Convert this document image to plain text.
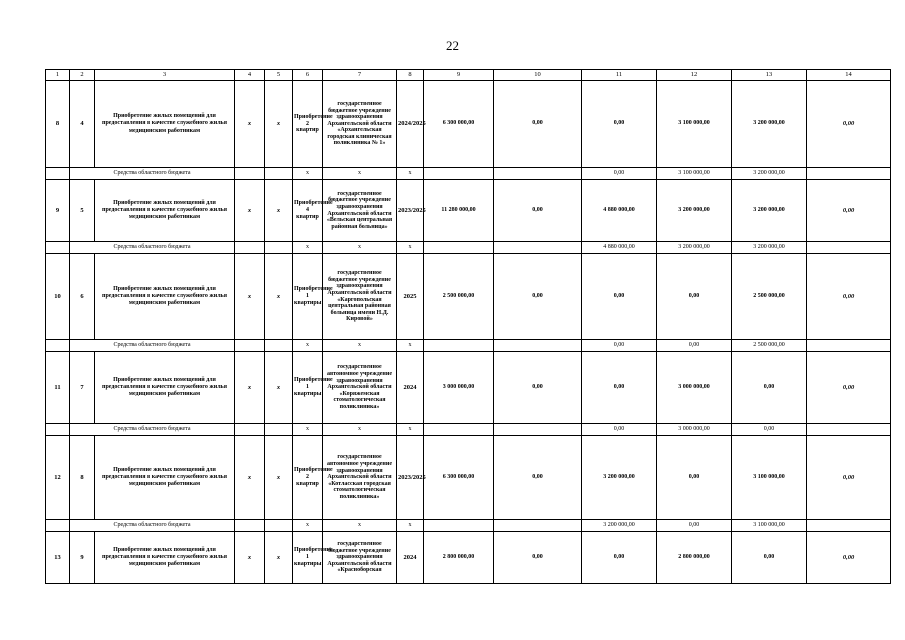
22
1	2	3	4	5	6	7	8	9	10	11	12	13	14
8	4	Приобретение жилых помещений для предоставления в качестве служебного жилья медицинским работникам	х	х	Приобретение 2 квартир	государственное бюджетное учреждение здравоохранения Архангельской области «Архангельская городская клиническая поликлиника № 1»	2024/2025	6 300 000,00	0,00	0,00	3 100 000,00	3 200 000,00	0,00
	Средства областного бюджета				х	х	х			0,00	3 100 000,00	3 200 000,00	
9	5	Приобретение жилых помещений для предоставления в качестве служебного жилья медицинским работникам	х	х	Приобретение 4 квартир	государственное бюджетное учреждение здравоохранения Архангельской области «Вельская центральная районная больница»	2023/2025	11 280 000,00	0,00	4 880 000,00	3 200 000,00	3 200 000,00	0,00
	Средства областного бюджета				х	х	х			4 880 000,00	3 200 000,00	3 200 000,00	
10	6	Приобретение жилых помещений для предоставления в качестве служебного жилья медицинским работникам	х	х	Приобретение 1 квартиры	государственное бюджетное учреждение здравоохранения Архангельской области «Каргопольская центральная районная больница имени Н.Д. Кировой»	2025	2 500 000,00	0,00	0,00	0,00	2 500 000,00	0,00
	Средства областного бюджета				х	х	х			0,00	0,00	2 500 000,00	
11	7	Приобретение жилых помещений для предоставления в качестве служебного жилья медицинским работникам	х	х	Приобретение 1 квартиры	государственное автономное учреждение здравоохранения Архангельской области «Коряжемская стоматологическая поликлиника»	2024	3 000 000,00	0,00	0,00	3 000 000,00	0,00	0,00
	Средства областного бюджета				х	х	х			0,00	3 000 000,00	0,00	
12	8	Приобретение жилых помещений для предоставления в качестве служебного жилья медицинским работникам	х	х	Приобретение 2 квартир	государственное автономное учреждение здравоохранения Архангельской области «Котласская городская стоматологическая поликлиника»	2023/2025	6 300 000,00	0,00	3 200 000,00	0,00	3 100 000,00	0,00
	Средства областного бюджета				х	х	х			3 200 000,00	0,00	3 100 000,00	
13	9	Приобретение жилых помещений для предоставления в качестве служебного жилья медицинским работникам	х	х	Приобретение 1 квартиры	государственное бюджетное учреждение здравоохранения Архангельской области «Красноборская	2024	2 800 000,00	0,00	0,00	2 800 000,00	0,00	0,00
